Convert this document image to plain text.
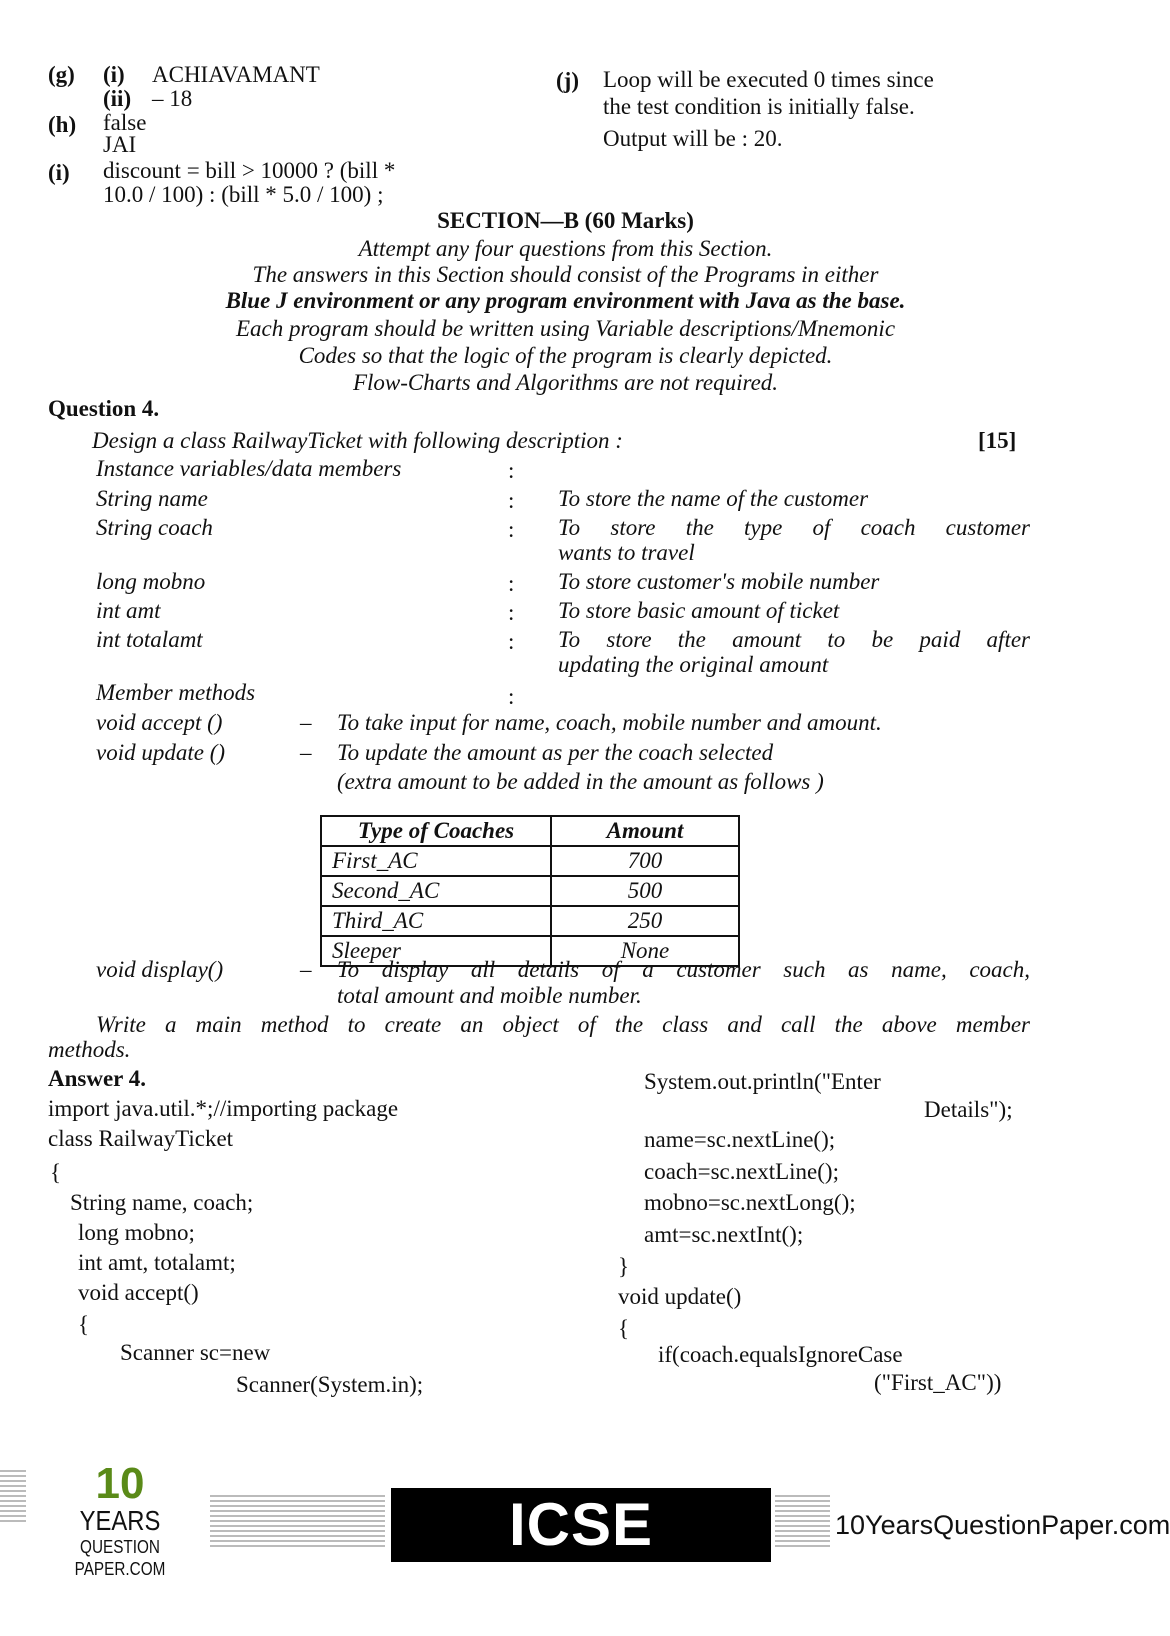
(g) (i) ACHIAVAMANT
(ii) – 18
(h) false
JAI
(i) discount = bill > 10000 ? (bill *
10.0 / 100) : (bill * 5.0 / 100) ;
(j) Loop will be executed 0 times since
the test condition is initially false.
Output will be : 20.
SECTION—B (60 Marks)
Attempt any four questions from this Section.
The answers in this Section should consist of the Programs in either
Blue J environment or any program environment with Java as the base.
Each program should be written using Variable descriptions/Mnemonic
Codes so that the logic of the program is clearly depicted.
Flow-Charts and Algorithms are not required.
Question 4.
Design a class RailwayTicket with following description :	[15]
Instance variables/data members	:
String name	: To store the name of the customer
String coach	: To store the type of coach customer
wants to travel
long mobno	: To store customer's mobile number
int amt	: To store basic amount of ticket
int totalamt	: To store the amount to be paid after
updating the original amount
Member methods	:
void accept ()	– To take input for name, coach, mobile number and amount.
void update ()	– To update the amount as per the coach selected
(extra amount to be added in the amount as follows )
Type of Coaches	Amount
First_AC	700
Second_AC	500
Third_AC	250
Sleeper	None
void display()	– To display all details of a customer such as name, coach,
total amount and moible number.
Write a main method to create an object of the class and call the above member
methods.
Answer 4.
import java.util.*;//importing package
class RailwayTicket
{
String name, coach;
long mobno;
int amt, totalamt;
void accept()
{
Scanner sc=new
Scanner(System.in);
System.out.println("Enter
Details");
name=sc.nextLine();
coach=sc.nextLine();
mobno=sc.nextLong();
amt=sc.nextInt();
}
void update()
{
if(coach.equalsIgnoreCase
("First_AC"))
10
YEARS
QUESTION PAPER.COM
ICSE BOARD X
10YearsQuestionPaper.com
